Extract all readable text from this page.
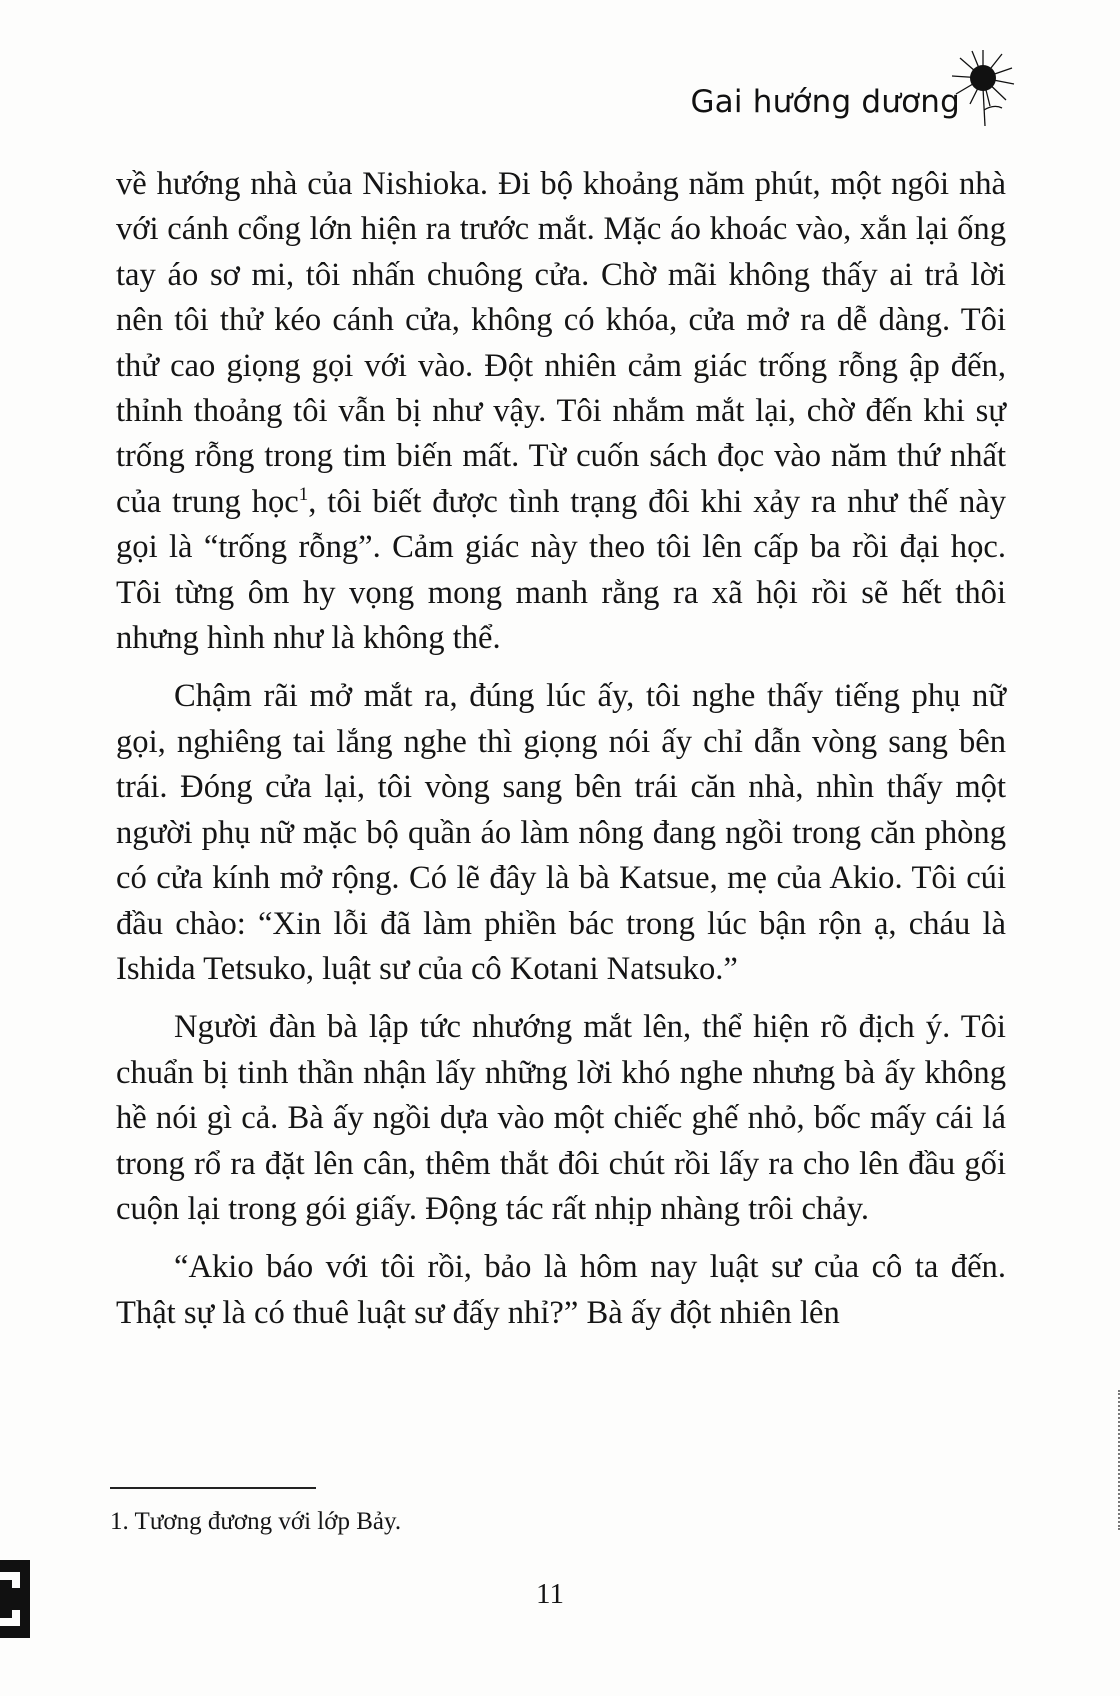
Gai hướng dương

về hướng nhà của Nishioka. Đi bộ khoảng năm phút, một ngôi nhà với cánh cổng lớn hiện ra trước mắt. Mặc áo khoác vào, xắn lại ống tay áo sơ mi, tôi nhấn chuông cửa. Chờ mãi không thấy ai trả lời nên tôi thử kéo cánh cửa, không có khóa, cửa mở ra dễ dàng. Tôi thử cao giọng gọi với vào. Đột nhiên cảm giác trống rỗng ập đến, thỉnh thoảng tôi vẫn bị như vậy. Tôi nhắm mắt lại, chờ đến khi sự trống rỗng trong tim biến mất. Từ cuốn sách đọc vào năm thứ nhất của trung học$^1$, tôi biết được tình trạng đôi khi xảy ra như thế này gọi là “trống rỗng”. Cảm giác này theo tôi lên cấp ba rồi đại học. Tôi từng ôm hy vọng mong manh rằng ra xã hội rồi sẽ hết thôi nhưng hình như là không thể.

Chậm rãi mở mắt ra, đúng lúc ấy, tôi nghe thấy tiếng phụ nữ gọi, nghiêng tai lắng nghe thì giọng nói ấy chỉ dẫn vòng sang bên trái. Đóng cửa lại, tôi vòng sang bên trái căn nhà, nhìn thấy một người phụ nữ mặc bộ quần áo làm nông đang ngồi trong căn phòng có cửa kính mở rộng. Có lẽ đây là bà Katsue, mẹ của Akio. Tôi cúi đầu chào: “Xin lỗi đã làm phiền bác trong lúc bận rộn ạ, cháu là Ishida Tetsuko, luật sư của cô Kotani Natsuko.”

Người đàn bà lập tức nhướng mắt lên, thể hiện rõ địch ý. Tôi chuẩn bị tinh thần nhận lấy những lời khó nghe nhưng bà ấy không hề nói gì cả. Bà ấy ngồi dựa vào một chiếc ghế nhỏ, bốc mấy cái lá trong rổ ra đặt lên cân, thêm thắt đôi chút rồi lấy ra cho lên đầu gối cuộn lại trong gói giấy. Động tác rất nhịp nhàng trôi chảy.

“Akio báo với tôi rồi, bảo là hôm nay luật sư của cô ta đến. Thật sự là có thuê luật sư đấy nhỉ?” Bà ấy đột nhiên lên

1. Tương đương với lớp Bảy.
11
